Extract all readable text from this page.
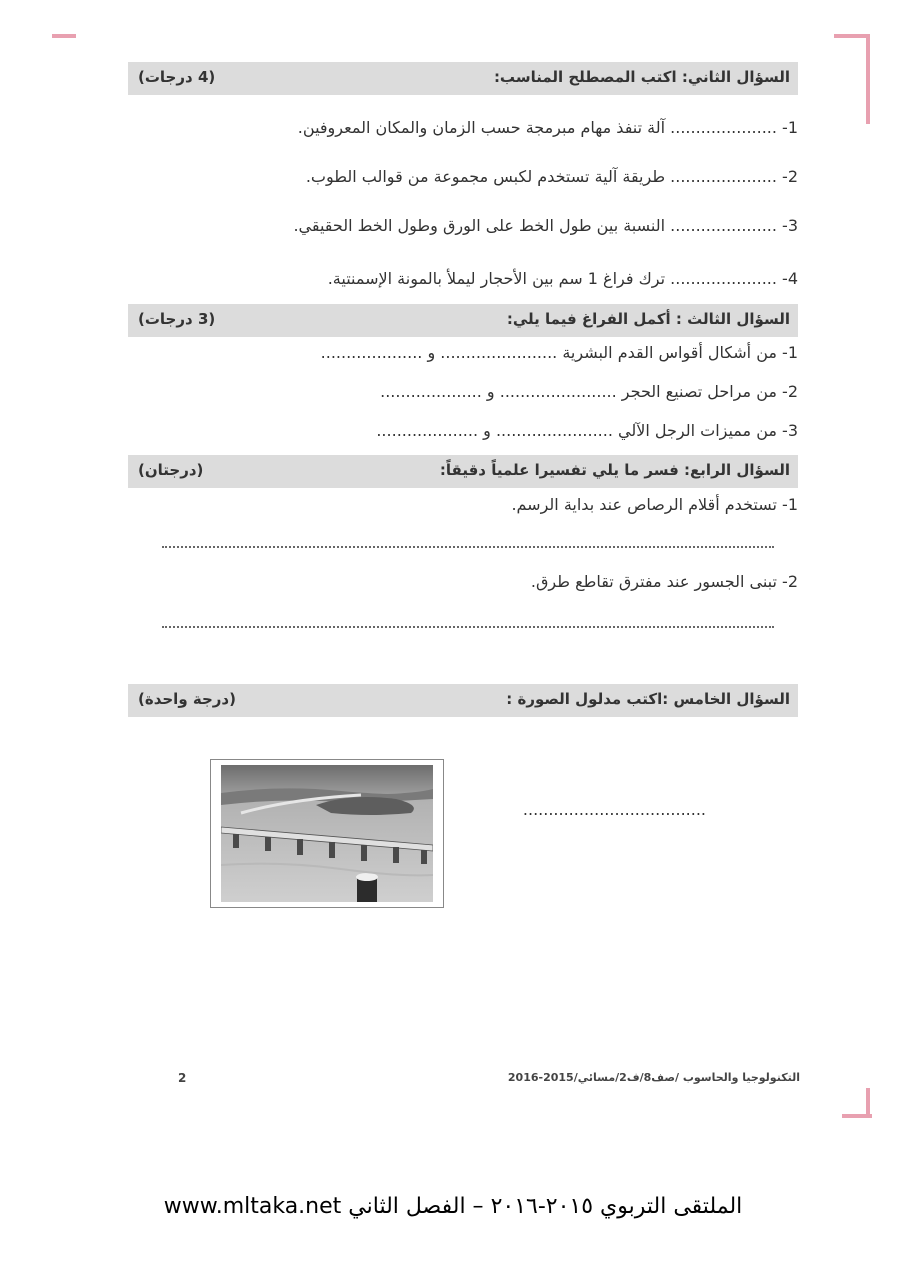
السؤال الثاني: اكتب المصطلح المناسب:
(4 درجات)
1- ..................... آلة تنفذ مهام مبرمجة حسب الزمان والمكان المعروفين.
2- ..................... طريقة آلية تستخدم لكبس مجموعة من قوالب الطوب.
3- ..................... النسبة بين طول الخط على الورق وطول الخط الحقيقي.
4- ..................... ترك فراغ 1 سم بين الأحجار ليملأ بالمونة الإسمنتية.
السؤال الثالث : أكمل الفراغ فيما يلي:
(3 درجات)
1- من أشكال أقواس القدم البشرية ....................... و ....................
2- من مراحل تصنيع الحجر ....................... و ....................
3- من مميزات الرجل الآلي ....................... و ....................
السؤال الرابع: فسر ما يلي تفسيرا علمياً دقيقاً:
(درجتان)
1- تستخدم أقلام الرصاص عند بداية الرسم.
2- تبنى الجسور عند مفترق تقاطع طرق.
السؤال الخامس :اكتب مدلول الصورة :
(درجة واحدة)
....................................
2	التكنولوجيا والحاسوب /صف8/ف2/مسائي/2015-2016
الملتقى التربوي ٢٠١٥-٢٠١٦ – الفصل الثاني www.mltaka.net
